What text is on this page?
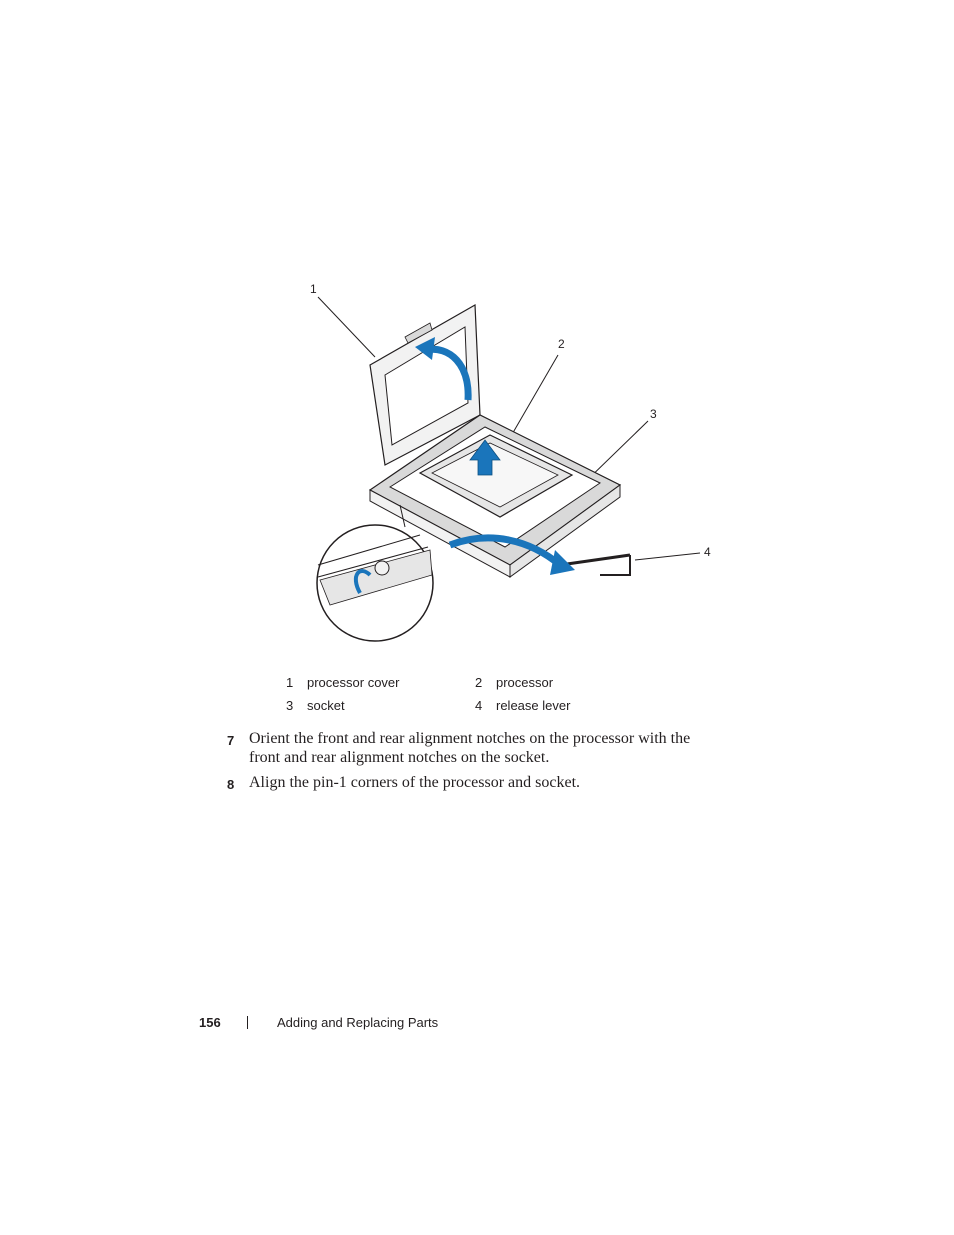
1
2
3
4
1	processor cover	2	processor
3	socket	4	release lever
7 Orient the front and rear alignment notches on the processor with the front and rear alignment notches on the socket.
8 Align the pin-1 corners of the processor and socket.
156	Adding and Replacing Parts
